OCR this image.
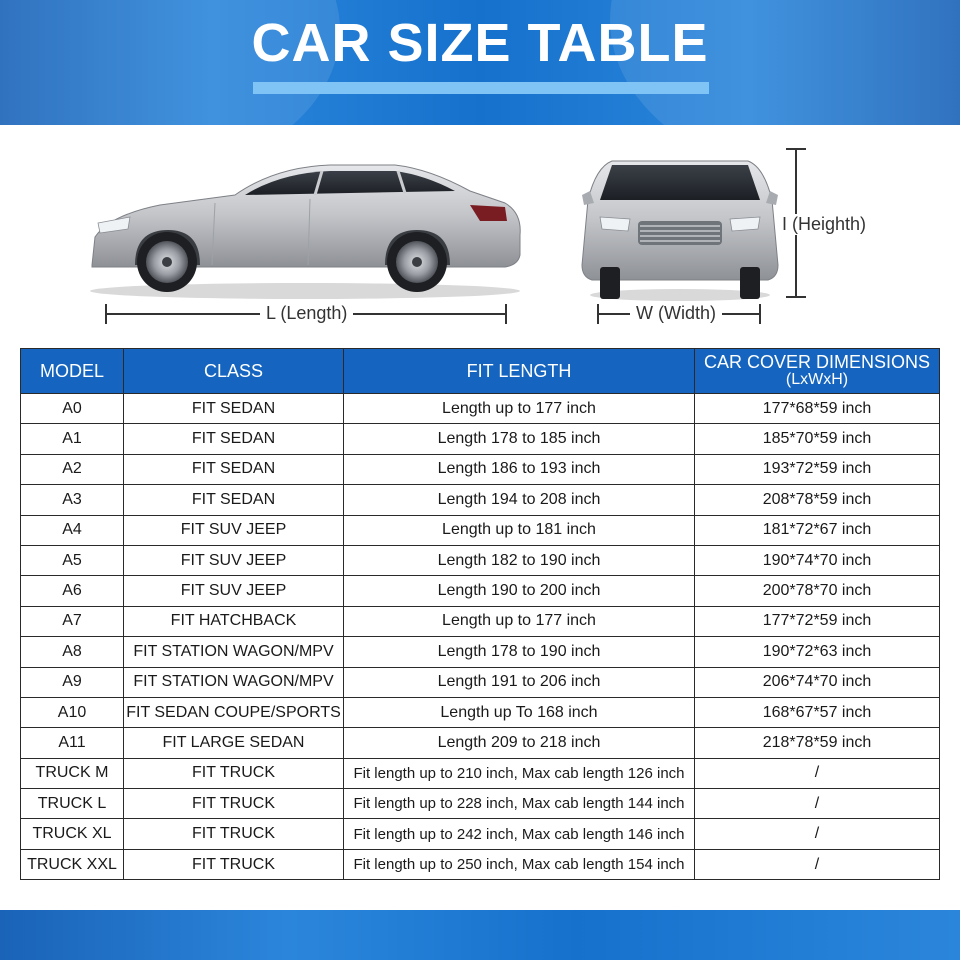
CAR SIZE TABLE
L (Length)	W (Width)
I (Heighth)
MODEL	CLASS	FIT LENGTH	CAR COVER DIMENSIONS
(LxWxH)

A0	FIT SEDAN	Length up to 177 inch	177*68*59 inch
A1	FIT SEDAN	Length 178 to 185 inch	185*70*59 inch
A2	FIT SEDAN	Length 186 to 193 inch	193*72*59 inch
A3	FIT SEDAN	Length 194 to 208 inch	208*78*59 inch
A4	FIT SUV JEEP	Length up to 181 inch	181*72*67 inch
A5	FIT SUV JEEP	Length 182 to 190 inch	190*74*70 inch
A6	FIT SUV JEEP	Length 190 to 200 inch	200*78*70 inch
A7	FIT HATCHBACK	Length up to 177 inch	177*72*59 inch
A8	FIT STATION WAGON/MPV	Length 178 to 190 inch	190*72*63 inch
A9	FIT STATION WAGON/MPV	Length 191 to 206 inch	206*74*70 inch
A10	FIT SEDAN COUPE/SPORTS	Length up To 168 inch	168*67*57 inch
A11	FIT LARGE SEDAN	Length 209 to 218 inch	218*78*59 inch
TRUCK M	FIT TRUCK	Fit length up to 210 inch, Max cab length 126 inch	/
TRUCK L	FIT TRUCK	Fit length up to 228 inch, Max cab length 144 inch	/
TRUCK XL	FIT TRUCK	Fit length up to 242 inch, Max cab length 146 inch	/
TRUCK XXL	FIT TRUCK	Fit length up to 250 inch, Max cab length 154 inch	/
